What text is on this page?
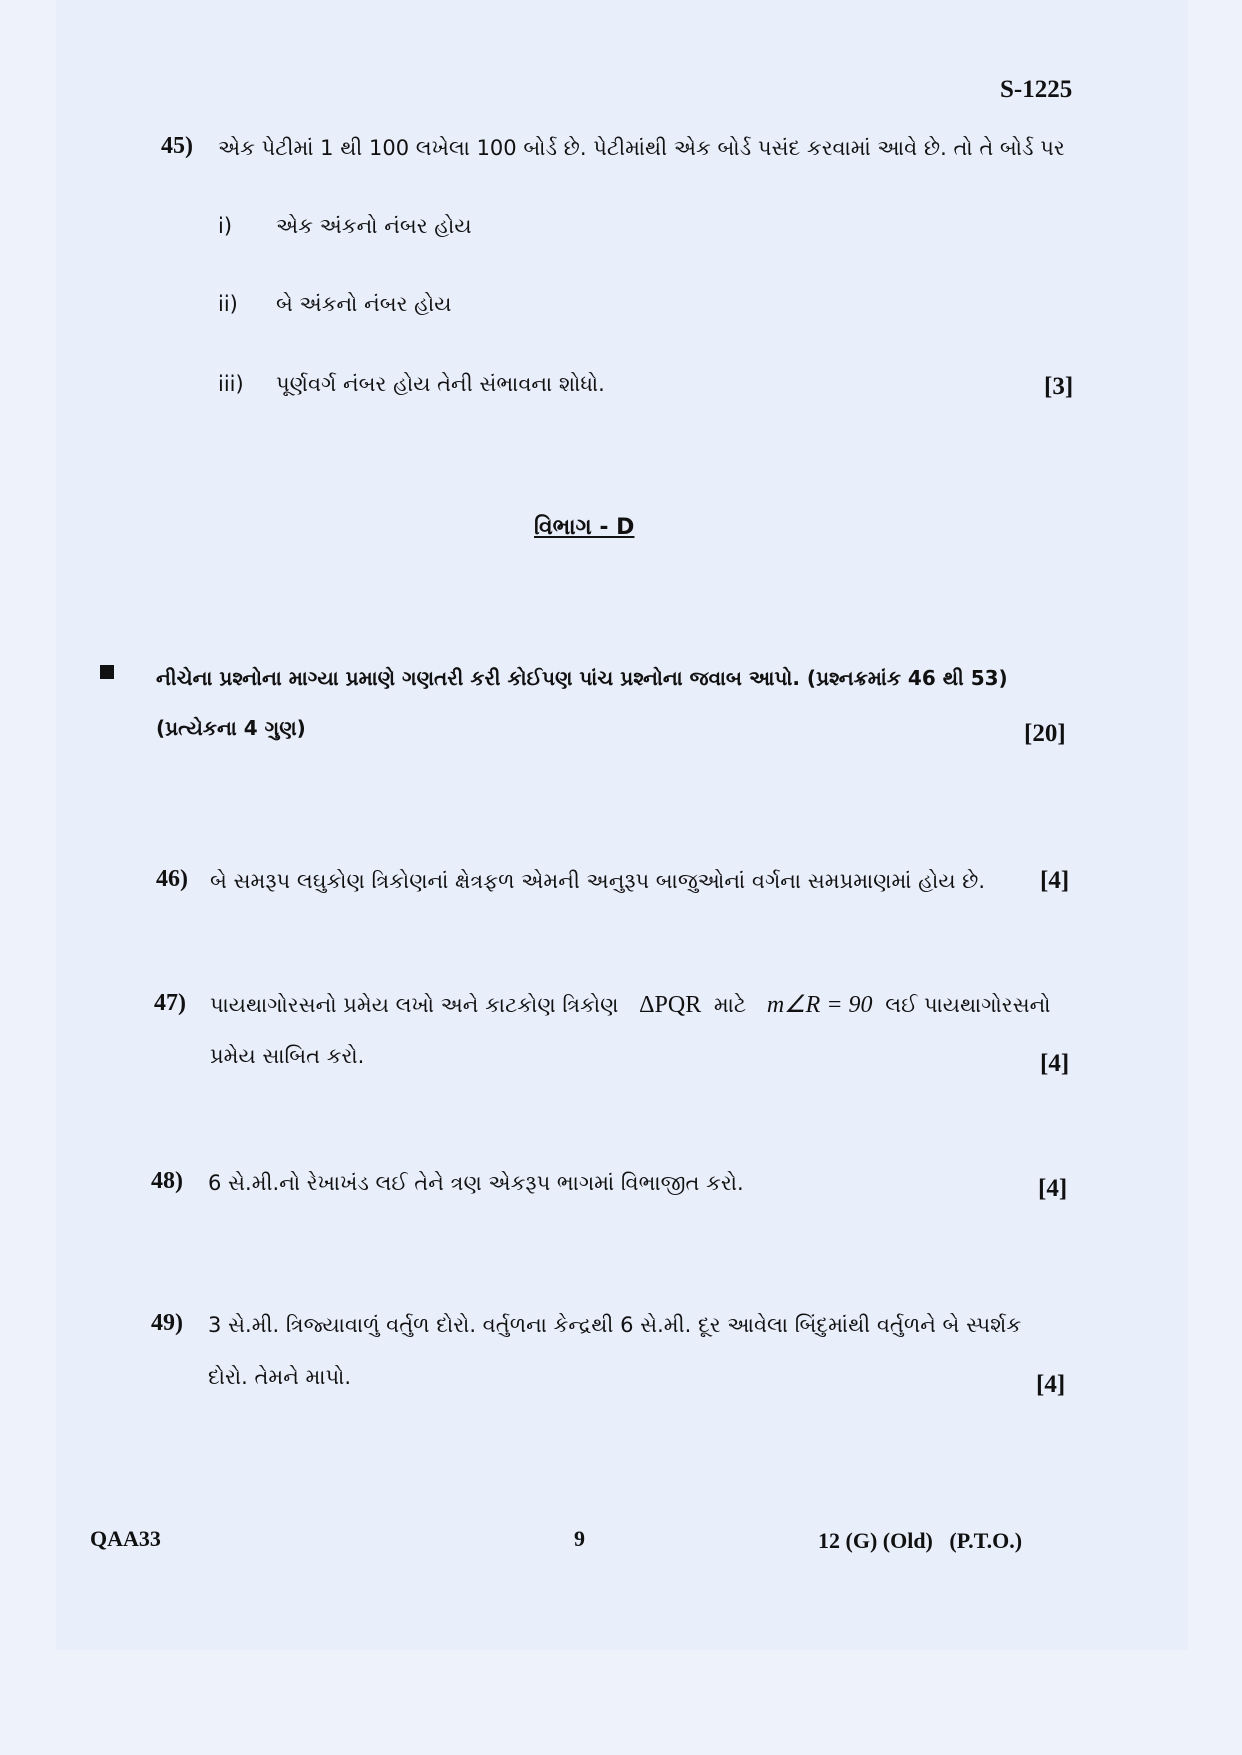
S-1225
45) એક પેટીમાં 1 થી 100 લખેલા 100 બોર્ડ છે. પેટીમાંથી એક બોર્ડ પસંદ કરવામાં આવે છે. તો તે બોર્ડ પર
i) એક અંકનો નંબર હોય
ii) બે અંકનો નંબર હોય
iii) પૂર્ણવર્ગ નંબર હોય તેની સંભાવના શોધો.	[3]
વિભાગ - D
નીચેના પ્રશ્નોના માગ્યા પ્રમાણે ગણતરી કરી કોઈપણ પાંચ પ્રશ્નોના જવાબ આપો. (પ્રશ્નક્રમાંક 46 થી 53)
(પ્રત્યેકના 4 ગુણ)	[20]
46) બે સમરૂપ લઘુકોણ ત્રિકોણનાં ક્ષેત્રફળ એમની અનુરૂપ બાજુઓનાં વર્ગના સમપ્રમાણમાં હોય છે. [4]
47) પાયથાગોરસનો પ્રમેય લખો અને કાટકોણ ત્રિકોણ ΔPQR માટે m∠R = 90 લઈ પાયથાગોરસનો
પ્રમેય સાબિત કરો.	[4]
48) 6 સે.મી.નો રેખાખંડ લઈ તેને ત્રણ એકરૂપ ભાગમાં વિભાજીત કરો.	[4]
49) 3 સે.મી. ત્રિજ્યાવાળું વર્તુળ દોરો. વર્તુળના કેન્દ્રથી 6 સે.મી. દૂર આવેલા બિંદુમાંથી વર્તુળને બે સ્પર્શક
દોરો. તેમને માપો.	[4]
QAA33	9	12 (G) (Old)   (P.T.O.)
